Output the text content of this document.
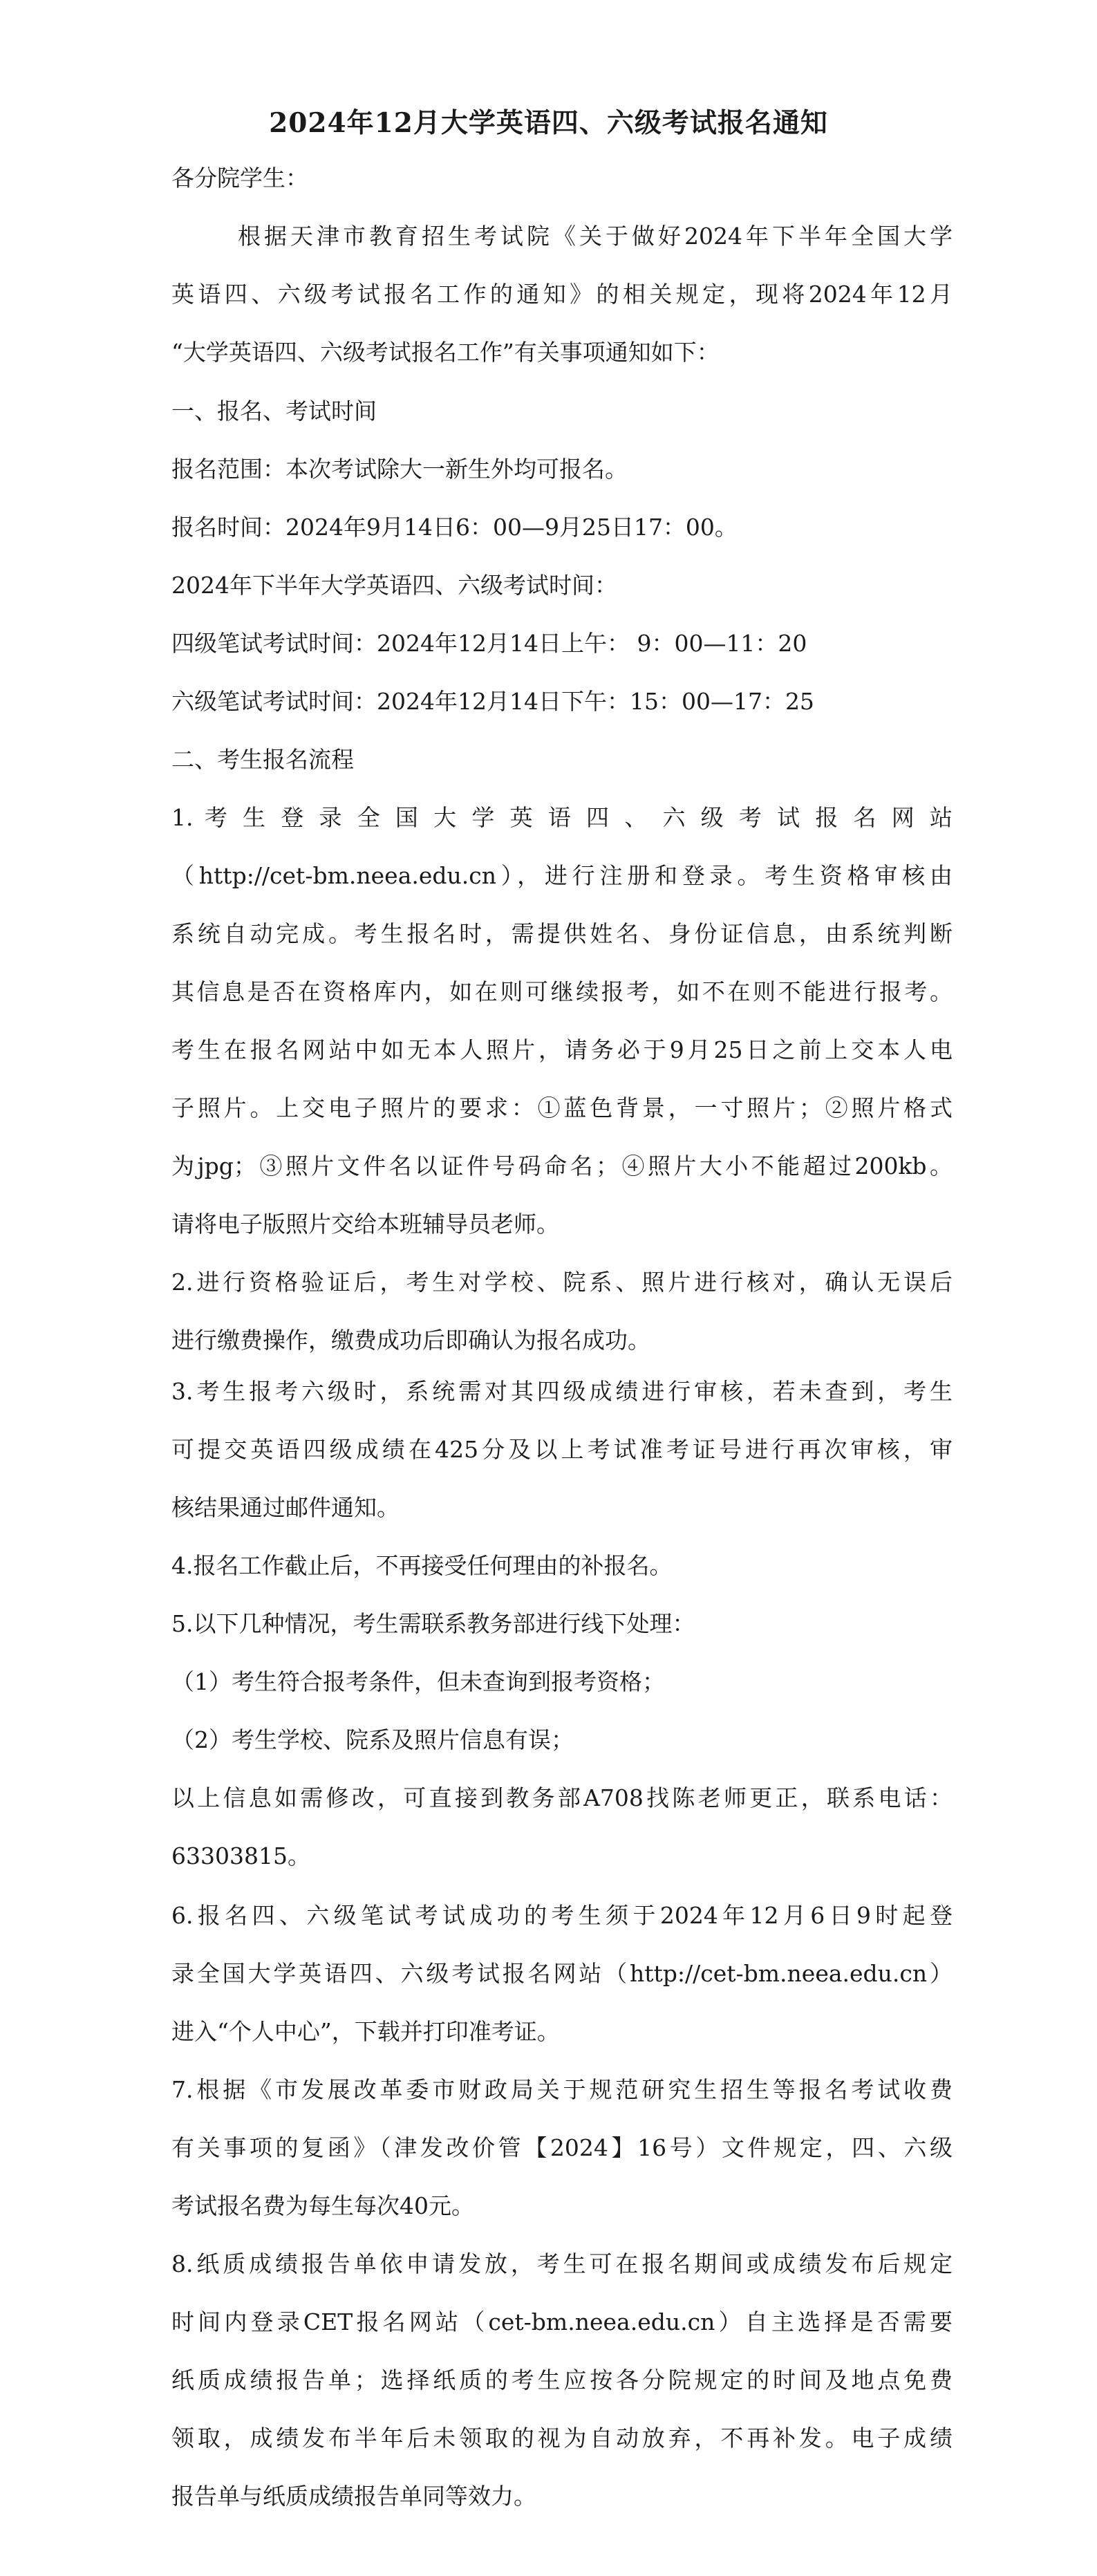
2024年12月大学英语四、六级考试报名通知
各分院学生：
根据天津市教育招生考试院《关于做好2024年下半年全国大学
英语四、六级考试报名工作的通知》的相关规定，现将2024年12月
“大学英语四、六级考试报名工作”有关事项通知如下：
一、报名、考试时间
报名范围：本次考试除大一新生外均可报名。
报名时间：2024年9月14日6：00—9月25日17：00。
2024年下半年大学英语四、六级考试时间：
四级笔试考试时间：2024年12月14日上午： 9：00—11：20
六级笔试考试时间：2024年12月14日下午：15：00—17：25
二、考生报名流程
1. 考 生 登 录 全 国 大 学 英 语 四 、 六 级 考 试 报 名 网 站
（http://cet-bm.neea.edu.cn），进行注册和登录。考生资格审核由
系统自动完成。考生报名时，需提供姓名、身份证信息，由系统判断
其信息是否在资格库内，如在则可继续报考，如不在则不能进行报考。
考生在报名网站中如无本人照片，请务必于9月25日之前上交本人电
子照片。上交电子照片的要求：①蓝色背景，一寸照片；②照片格式
为jpg；③照片文件名以证件号码命名；④照片大小不能超过200kb。
请将电子版照片交给本班辅导员老师。
2.进行资格验证后，考生对学校、院系、照片进行核对，确认无误后
进行缴费操作，缴费成功后即确认为报名成功。
3.考生报考六级时，系统需对其四级成绩进行审核，若未查到，考生
可提交英语四级成绩在425分及以上考试准考证号进行再次审核，审
核结果通过邮件通知。
4.报名工作截止后，不再接受任何理由的补报名。
5.以下几种情况，考生需联系教务部进行线下处理：
（1）考生符合报考条件，但未查询到报考资格；
（2）考生学校、院系及照片信息有误；
以上信息如需修改，可直接到教务部A708找陈老师更正，联系电话：
63303815。
6.报名四、六级笔试考试成功的考生须于2024年12月6日9时起登
录全国大学英语四、六级考试报名网站（http://cet-bm.neea.edu.cn）
进入“个人中心”，下载并打印准考证。
7.根据《市发展改革委市财政局关于规范研究生招生等报名考试收费
有关事项的复函》（津发改价管【2024】16号）文件规定，四、六级
考试报名费为每生每次40元。
8.纸质成绩报告单依申请发放，考生可在报名期间或成绩发布后规定
时间内登录CET报名网站（cet-bm.neea.edu.cn）自主选择是否需要
纸质成绩报告单；选择纸质的考生应按各分院规定的时间及地点免费
领取，成绩发布半年后未领取的视为自动放弃，不再补发。电子成绩
报告单与纸质成绩报告单同等效力。
